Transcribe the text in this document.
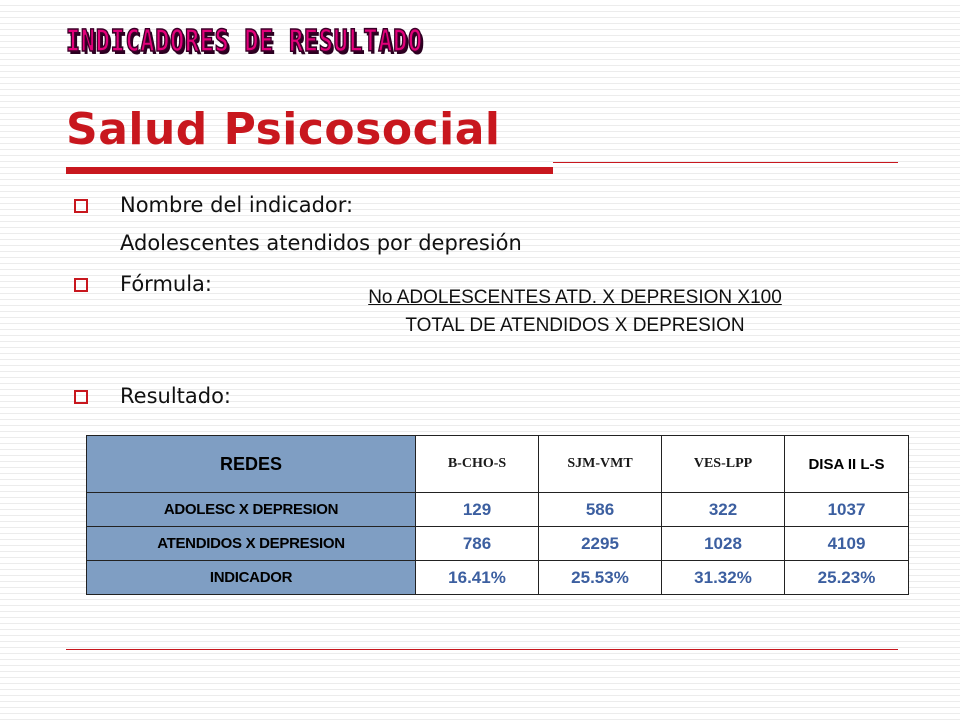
INDICADORES DE RESULTADO
Salud Psicosocial
Nombre del indicador:
Adolescentes atendidos por depresión
Fórmula:
No ADOLESCENTES ATD. X DEPRESION X100
TOTAL DE ATENDIDOS X DEPRESION
Resultado:
REDES	B-CHO-S	SJM-VMT	VES-LPP	DISA II L-S
ADOLESC X DEPRESION	129	586	322	1037
ATENDIDOS X DEPRESION	786	2295	1028	4109
INDICADOR	16.41%	25.53%	31.32%	25.23%
